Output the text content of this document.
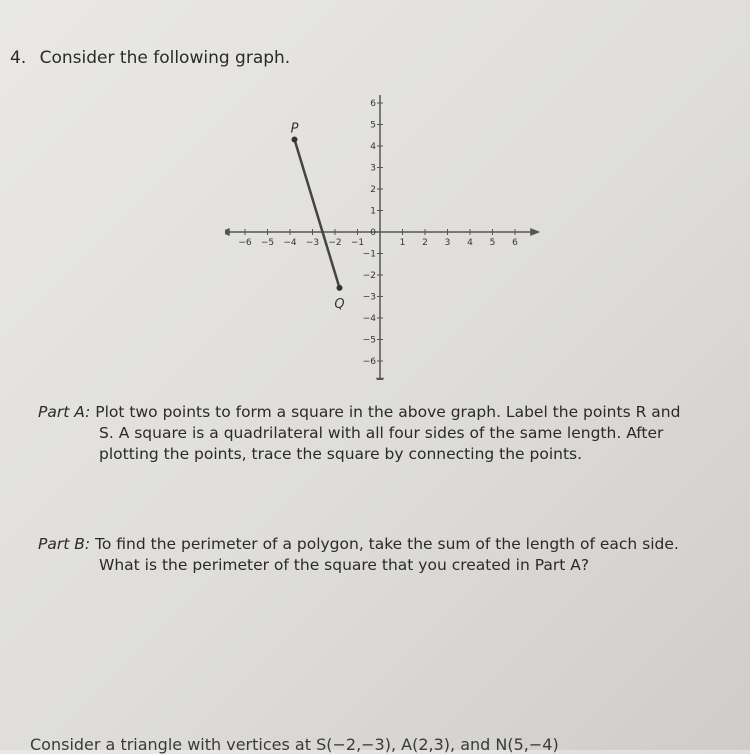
4. Consider the following graph.
−6 −5 −4 −3 −2 −1	1 2 3 4 5 6
−6
−5
−4
−3
−2
−1
0
1
2
3
4
5
6
P
Q
Part A: Plot two points to form a square in the above graph. Label the points R and
S. A square is a quadrilateral with all four sides of the same length. After
plotting the points, trace the square by connecting the points.
Part B: To find the perimeter of a polygon, take the sum of the length of each side.
What is the perimeter of the square that you created in Part A?
Consider a triangle with vertices at S(−2,−3), A(2,3), and N(5,−4)
